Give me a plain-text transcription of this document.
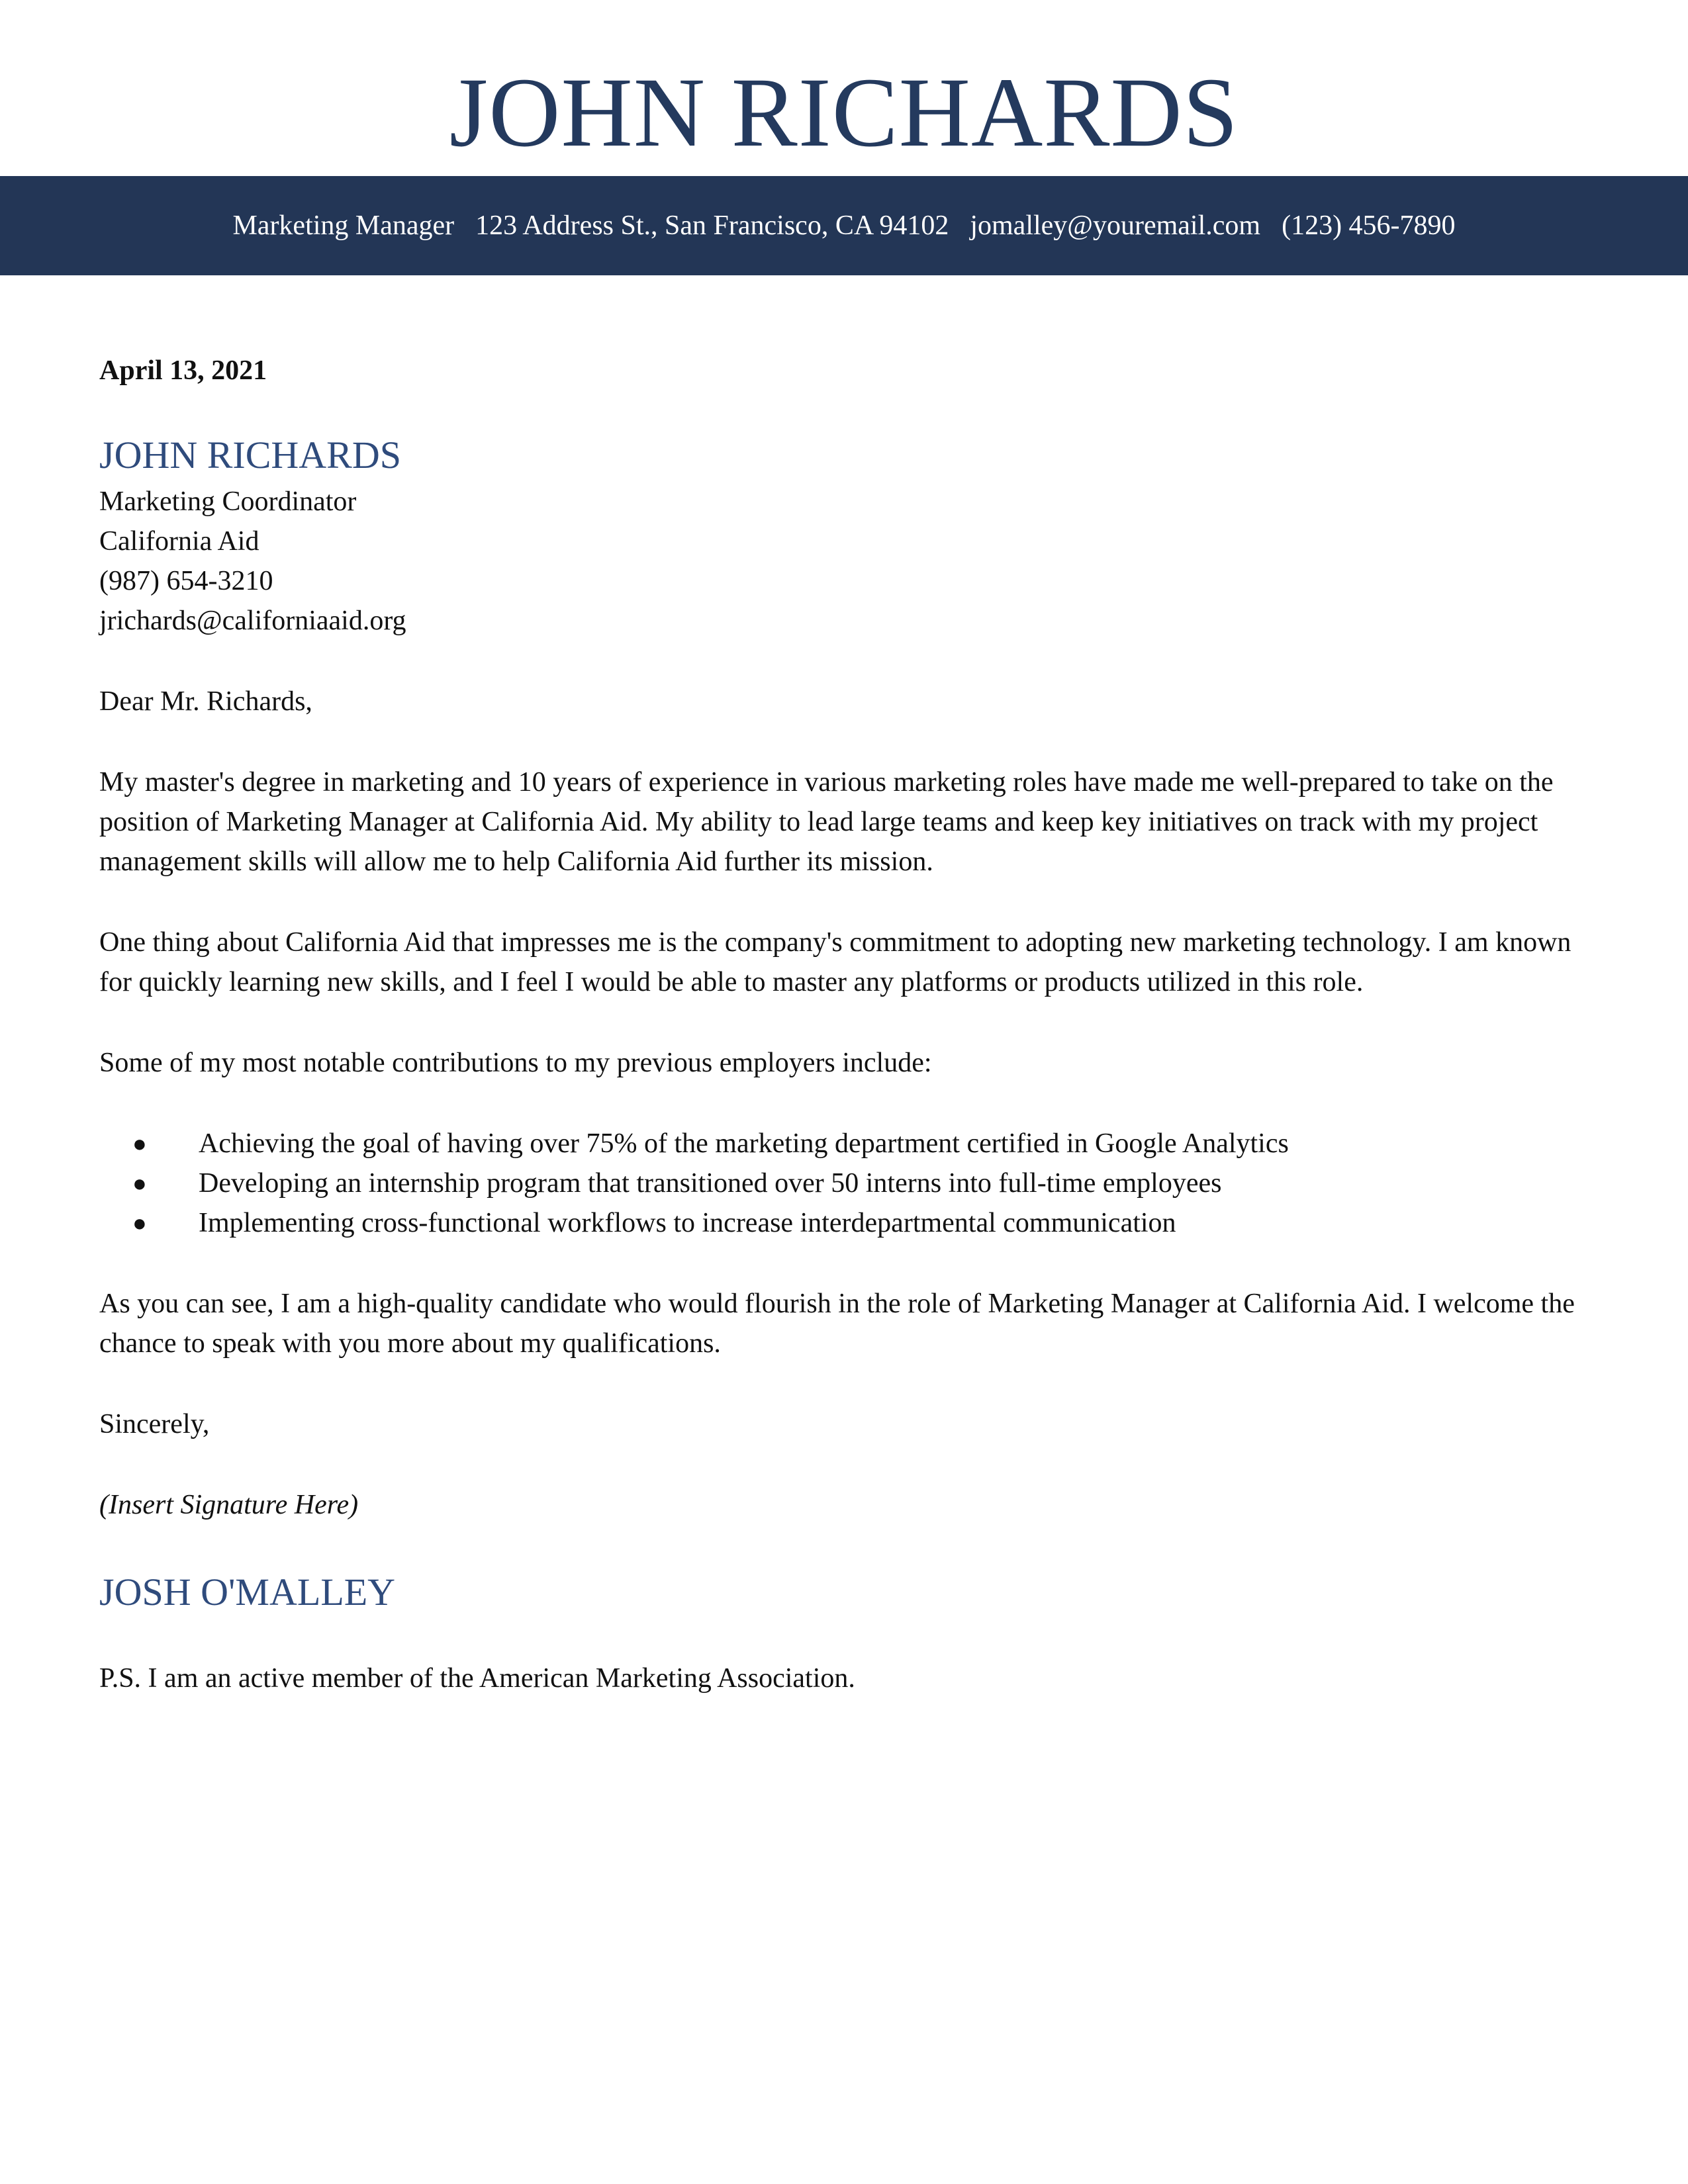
JOHN RICHARDS
Marketing Manager 123 Address St., San Francisco, CA 94102 jomalley@youremail.com (123) 456-7890
April 13, 2021
JOHN RICHARDS
Marketing Coordinator
California Aid
(987) 654-3210
jrichards@californiaaid.org

Dear Mr. Richards,

My master's degree in marketing and 10 years of experience in various marketing roles have made me well-prepared to take on the position of Marketing Manager at California Aid. My ability to lead large teams and keep key initiatives on track with my project management skills will allow me to help California Aid further its mission.

One thing about California Aid that impresses me is the company's commitment to adopting new marketing technology. I am known for quickly learning new skills, and I feel I would be able to master any platforms or products utilized in this role.

Some of my most notable contributions to my previous employers include:

● Achieving the goal of having over 75% of the marketing department certified in Google Analytics
● Developing an internship program that transitioned over 50 interns into full-time employees
● Implementing cross-functional workflows to increase interdepartmental communication

As you can see, I am a high-quality candidate who would flourish in the role of Marketing Manager at California Aid. I welcome the chance to speak with you more about my qualifications.

Sincerely,

(Insert Signature Here)

JOSH O'MALLEY

P.S. I am an active member of the American Marketing Association.
